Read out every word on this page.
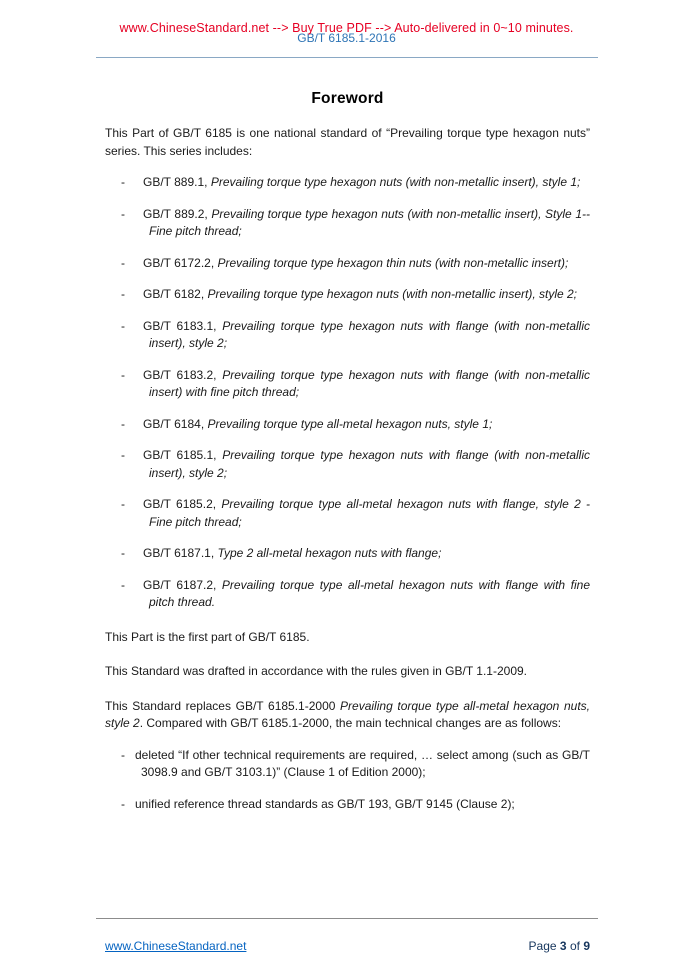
GB/T 6185.1-2016
www.ChineseStandard.net --> Buy True PDF --> Auto-delivered in 0~10 minutes.
Foreword

This Part of GB/T 6185 is one national standard of “Prevailing torque type hexagon nuts” series. This series includes:

- GB/T 889.1, Prevailing torque type hexagon nuts (with non-metallic insert), style 1;
- GB/T 889.2, Prevailing torque type hexagon nuts (with non-metallic insert), Style 1--Fine pitch thread;
- GB/T 6172.2, Prevailing torque type hexagon thin nuts (with non-metallic insert);
- GB/T 6182, Prevailing torque type hexagon nuts (with non-metallic insert), style 2;
- GB/T 6183.1, Prevailing torque type hexagon nuts with flange (with non-metallic insert), style 2;
- GB/T 6183.2, Prevailing torque type hexagon nuts with flange (with non-metallic insert) with fine pitch thread;
- GB/T 6184, Prevailing torque type all-metal hexagon nuts, style 1;
- GB/T 6185.1, Prevailing torque type hexagon nuts with flange (with non-metallic insert), style 2;
- GB/T 6185.2, Prevailing torque type all-metal hexagon nuts with flange, style 2 - Fine pitch thread;
- GB/T 6187.1, Type 2 all-metal hexagon nuts with flange;
- GB/T 6187.2, Prevailing torque type all-metal hexagon nuts with flange with fine pitch thread.

This Part is the first part of GB/T 6185.

This Standard was drafted in accordance with the rules given in GB/T 1.1-2009.

This Standard replaces GB/T 6185.1-2000 Prevailing torque type all-metal hexagon nuts, style 2. Compared with GB/T 6185.1-2000, the main technical changes are as follows:

- deleted “If other technical requirements are required, … select among (such as GB/T 3098.9 and GB/T 3103.1)” (Clause 1 of Edition 2000);
- unified reference thread standards as GB/T 193, GB/T 9145 (Clause 2);
www.ChineseStandard.net	Page 3 of 9
